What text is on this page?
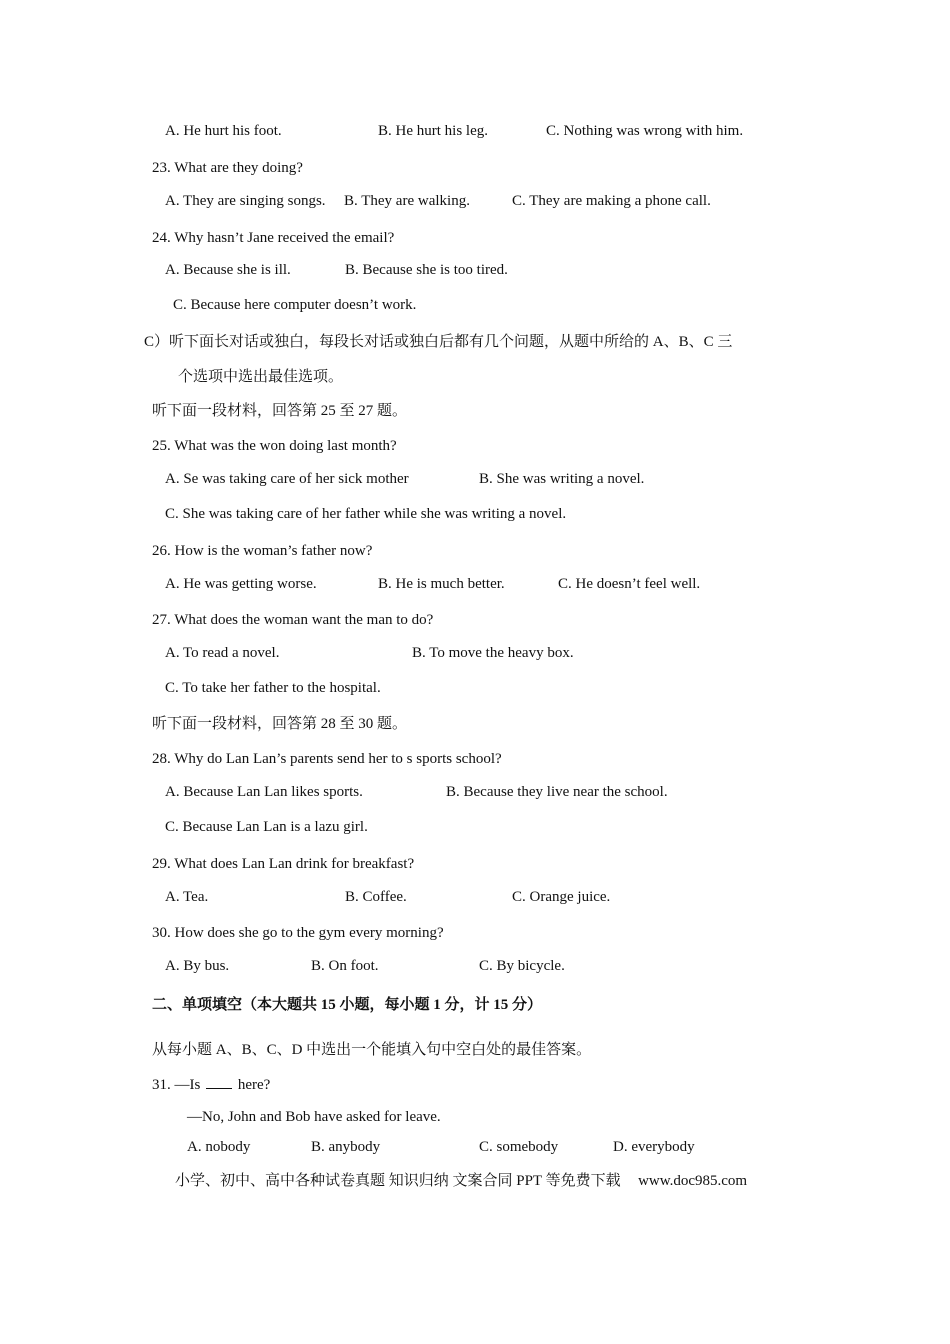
A. He hurt his foot.	B. He hurt his leg.	C. Nothing was wrong with him.
23. What are they doing?
A. They are singing songs. B. They are walking.	C. They are making a phone call.
24. Why hasn’t Jane received the email?
A. Because she is ill.	B. Because she is too tired.
C. Because here computer doesn’t work.
C）听下面长对话或独白，每段长对话或独白后都有几个问题，从题中所给的 A、B、C 三
个选项中选出最佳选项。
听下面一段材料，回答第 25 至 27 题。
25. What was the won doing last month?
A. Se was taking care of her sick mother	B. She was writing a novel.
C. She was taking care of her father while she was writing a novel.
26. How is the woman’s father now?
A. He was getting worse.	B. He is much better.	C. He doesn’t feel well.
27. What does the woman want the man to do?
A. To read a novel.	B. To move the heavy box.
C. To take her father to the hospital.
听下面一段材料，回答第 28 至 30 题。
28. Why do Lan Lan’s parents send her to s sports school?
A. Because Lan Lan likes sports.	B. Because they live near the school.
C. Because Lan Lan is a lazu girl.
29. What does Lan Lan drink for breakfast?
A. Tea.	B. Coffee.	C. Orange juice.
30. How does she go to the gym every morning?
A. By bus.	B. On foot.	C. By bicycle.
二、单项填空（本大题共 15 小题，每小题 1 分，计 15 分）
从每小题 A、B、C、D 中选出一个能填入句中空白处的最佳答案。
31. —Is	here?
—No, John and Bob have asked for leave.
A. nobody	B. anybody	C. somebody	D. everybody
小学、初中、高中各种试卷真题 知识归纳 文案合同 PPT 等免费下载 www.doc985.com
